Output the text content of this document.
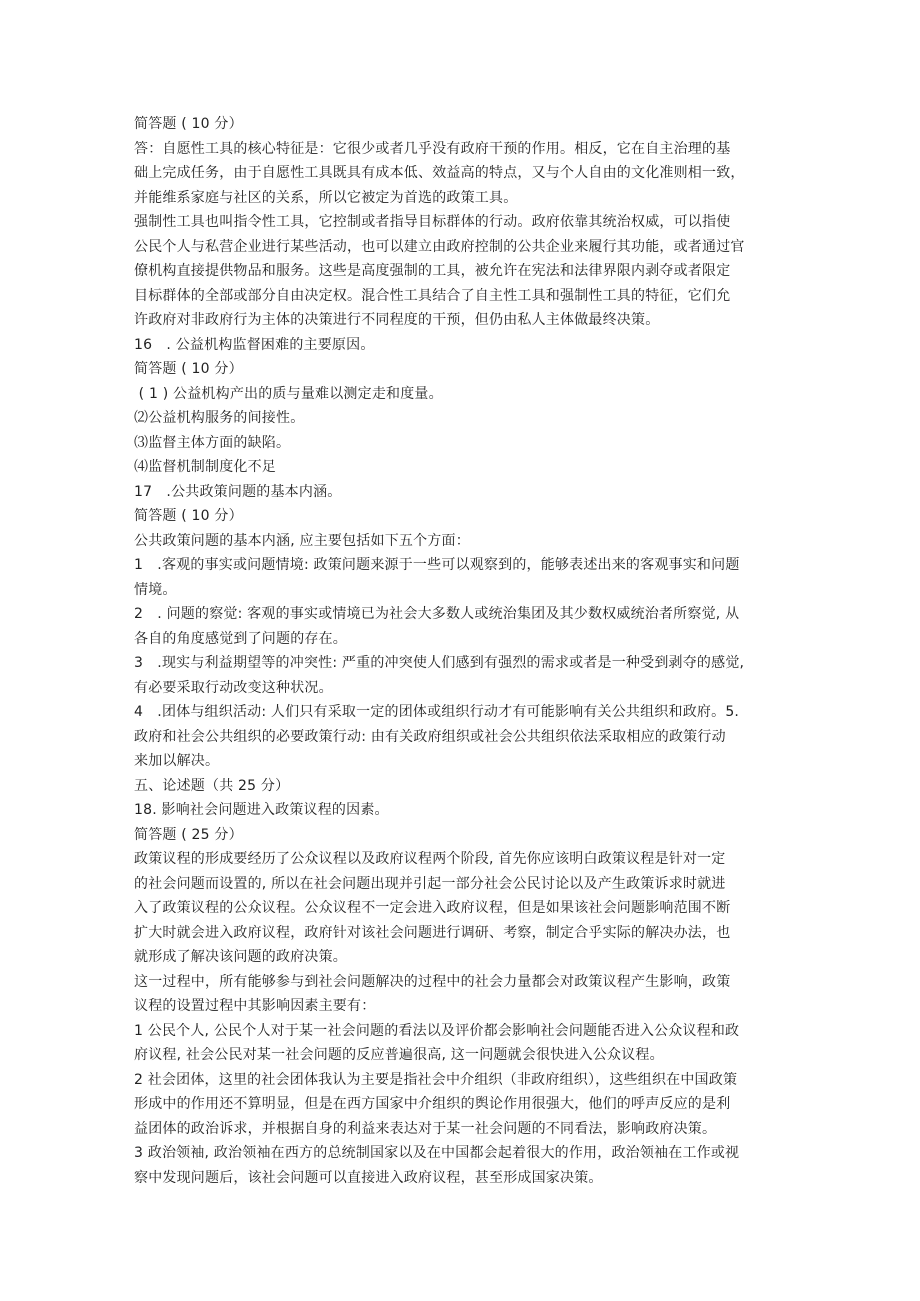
简答题 ( 10 分）
答：自愿性工具的核心特征是：它很少或者几乎没有政府干预的作用。相反，它在自主治理的基
础上完成任务，由于自愿性工具既具有成本低、效益高的特点，又与个人自由的文化准则相一致，
并能维系家庭与社区的关系，所以它被定为首选的政策工具。
强制性工具也叫指令性工具，它控制或者指导目标群体的行动。政府依靠其统治权威，可以指使
公民个人与私营企业进行某些活动，也可以建立由政府控制的公共企业来履行其功能，或者通过官
僚机构直接提供物品和服务。这些是高度强制的工具，被允许在宪法和法律界限内剥夺或者限定
目标群体的全部或部分自由决定权。混合性工具结合了自主性工具和强制性工具的特征，它们允
许政府对非政府行为主体的决策进行不同程度的干预，但仍由私人主体做最终决策。
16　. 公益机构监督困难的主要原因。
简答题 ( 10 分）
( 1 ) 公益机构产出的质与量难以测定走和度量。
⑵公益机构服务的间接性。
⑶监督主体方面的缺陷。
⑷监督机制制度化不足
17　.公共政策问题的基本内涵。
简答题 ( 10 分）
公共政策问题的基本内涵, 应主要包括如下五个方面：
1　.客观的事实或问题情境: 政策问题来源于一些可以观察到的，能够表述出来的客观事实和问题
情境。
2　. 问题的察觉: 客观的事实或情境已为社会大多数人或统治集团及其少数权威统治者所察觉, 从
各自的角度感觉到了问题的存在。
3　.现实与利益期望等的冲突性: 严重的冲突使人们感到有强烈的需求或者是一种受到剥夺的感觉,
有必要采取行动改变这种状况。
4　.团体与组织活动: 人们只有采取一定的团体或组织行动才有可能影响有关公共组织和政府。5.
政府和社会公共组织的必要政策行动: 由有关政府组织或社会公共组织依法采取相应的政策行动
来加以解决。
五、论述题（共 25 分）
18. 影响社会问题进入政策议程的因素。
简答题 ( 25 分）
政策议程的形成要经历了公众议程以及政府议程两个阶段, 首先你应该明白政策议程是针对一定
的社会问题而设置的, 所以在社会问题出现并引起一部分社会公民讨论以及产生政策诉求时就进
入了政策议程的公众议程。公众议程不一定会进入政府议程，但是如果该社会问题影响范围不断
扩大时就会进入政府议程，政府针对该社会问题进行调研、考察，制定合乎实际的解决办法，也
就形成了解决该问题的政府决策。
这一过程中，所有能够参与到社会问题解决的过程中的社会力量都会对政策议程产生影响，政策
议程的设置过程中其影响因素主要有：
1 公民个人, 公民个人对于某一社会问题的看法以及评价都会影响社会问题能否进入公众议程和政
府议程, 社会公民对某一社会问题的反应普遍很高, 这一问题就会很快进入公众议程。
2 社会团体，这里的社会团体我认为主要是指社会中介组织（非政府组织），这些组织在中国政策
形成中的作用还不算明显，但是在西方国家中介组织的舆论作用很强大，他们的呼声反应的是利
益团体的政治诉求，并根据自身的利益来表达对于某一社会问题的不同看法，影响政府决策。
3 政治领袖, 政治领袖在西方的总统制国家以及在中国都会起着很大的作用，政治领袖在工作或视
察中发现问题后，该社会问题可以直接进入政府议程，甚至形成国家决策。
